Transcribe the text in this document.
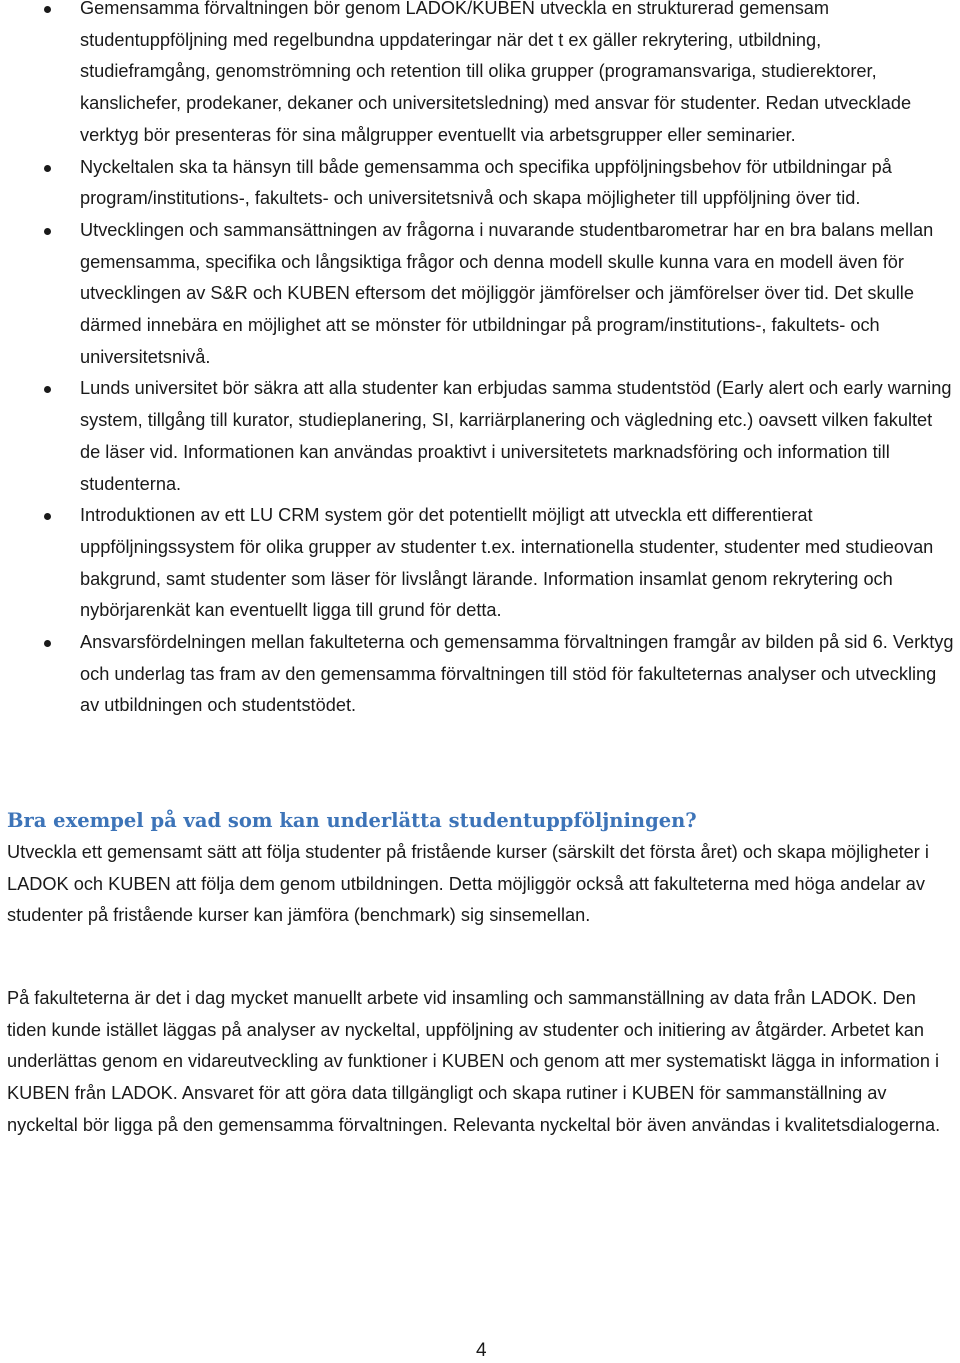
Gemensamma förvaltningen bör genom LADOK/KUBEN utveckla en strukturerad gemensam studentuppföljning med regelbundna uppdateringar när det t ex gäller rekrytering, utbildning, studieframgång, genomströmning och retention till olika grupper (programansvariga, studierektorer, kanslichefer, prodekaner, dekaner och universitetsledning) med ansvar för studenter. Redan utvecklade verktyg bör presenteras för sina målgrupper eventuellt via arbetsgrupper eller seminarier.
Nyckeltalen ska ta hänsyn till både gemensamma och specifika uppföljningsbehov för utbildningar på program/institutions-, fakultets- och universitetsnivå och skapa möjligheter till uppföljning över tid.
Utvecklingen och sammansättningen av frågorna i nuvarande studentbarometrar har en bra balans mellan gemensamma, specifika och långsiktiga frågor och denna modell skulle kunna vara en modell även för utvecklingen av S&R och KUBEN eftersom det möjliggör jämförelser och jämförelser över tid. Det skulle därmed innebära en möjlighet att se mönster för utbildningar på program/institutions-, fakultets- och universitetsnivå.
Lunds universitet bör säkra att alla studenter kan erbjudas samma studentstöd (Early alert och early warning system, tillgång till kurator, studieplanering, SI, karriärplanering och vägledning etc.) oavsett vilken fakultet de läser vid. Informationen kan användas proaktivt i universitetets marknadsföring och information till studenterna.
Introduktionen av ett LU CRM system gör det potentiellt möjligt att utveckla ett differentierat uppföljningssystem för olika grupper av studenter t.ex. internationella studenter, studenter med studieovan bakgrund, samt studenter som läser för livslångt lärande. Information insamlat genom rekrytering och nybörjarenkät kan eventuellt ligga till grund för detta.
Ansvarsfördelningen mellan fakulteterna och gemensamma förvaltningen framgår av bilden på sid 6. Verktyg och underlag tas fram av den gemensamma förvaltningen till stöd för fakulteternas analyser och utveckling av utbildningen och studentstödet.
Bra exempel på vad som kan underlätta studentuppföljningen?

Utveckla ett gemensamt sätt att följa studenter på fristående kurser (särskilt det första året) och skapa möjligheter i LADOK och KUBEN att följa dem genom utbildningen. Detta möjliggör också att fakulteterna med höga andelar av studenter på fristående kurser kan jämföra (benchmark) sig sinsemellan.

På fakulteterna är det i dag mycket manuellt arbete vid insamling och sammanställning av data från LADOK. Den tiden kunde istället läggas på analyser av nyckeltal, uppföljning av studenter och initiering av åtgärder. Arbetet kan underlättas genom en vidareutveckling av funktioner i KUBEN och genom att mer systematiskt lägga in information i KUBEN från LADOK. Ansvaret för att göra data tillgängligt och skapa rutiner i KUBEN för sammanställning av nyckeltal bör ligga på den gemensamma förvaltningen. Relevanta nyckeltal bör även användas i kvalitetsdialogerna.

4
